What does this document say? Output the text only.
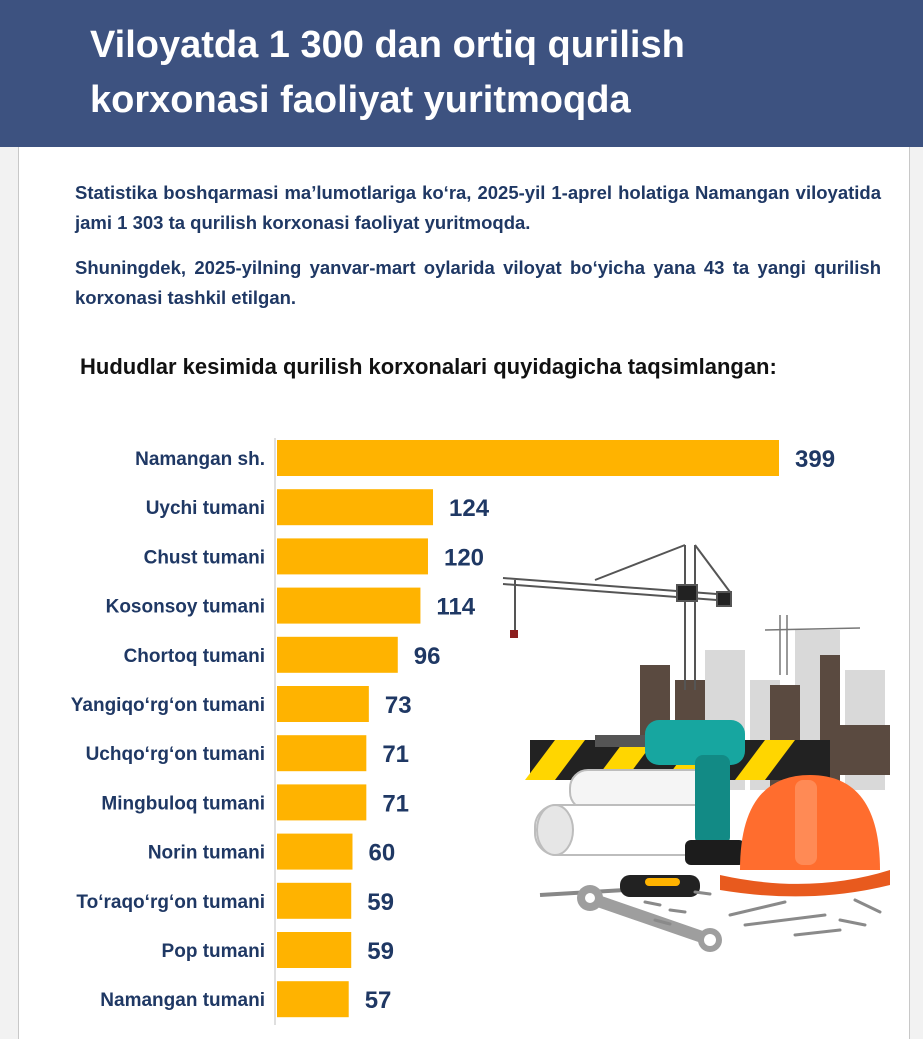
Viloyatda 1 300 dan ortiq qurilish
korxonasi faoliyat yuritmoqda

Statistika boshqarmasi maʼlumotlariga koʻra, 2025-yil 1-aprel holatiga Namangan viloyatida jami 1 303 ta qurilish korxonasi faoliyat yuritmoqda.

Shuningdek, 2025-yilning yanvar-mart oylarida viloyat boʻyicha yana 43 ta yangi qurilish korxonasi tashkil etilgan.

Hududlar kesimida qurilish korxonalari quyidagicha taqsimlangan:
Namangan sh.	399
Uychi tumani	124
Chust tumani	120
Kosonsoy tumani	114
Chortoq tumani	96
Yangiqoʻrgʻon tumani	73
Uchqoʻrgʻon tumani	71
Mingbuloq tumani	71
Norin tumani	60
Toʻraqoʻrgʻon tumani	59
Pop tumani	59
Namangan tumani	57
